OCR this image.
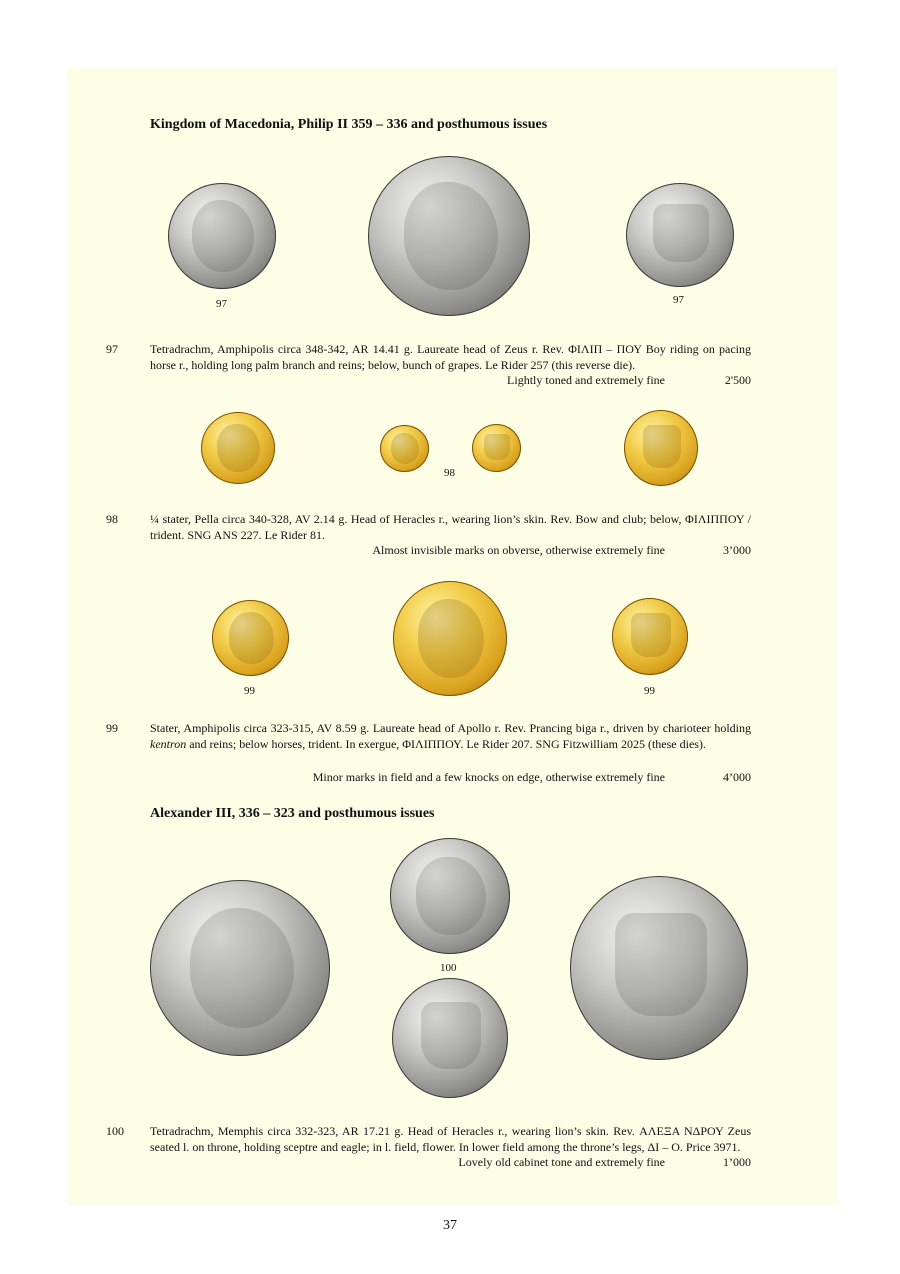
Kingdom of Macedonia, Philip II 359 – 336 and posthumous issues
97	97
97	Tetradrachm, Amphipolis circa 348-342, AR 14.41 g. Laureate head of Zeus r. Rev. ΦΙΛΙΠ – ΠΟΥ Boy riding on pacing horse r., holding long palm branch and reins; below, bunch of grapes. Le Rider 257 (this reverse die).
Lightly toned and extremely fine	2'500
98
98	¼ stater, Pella circa 340-328, AV 2.14 g. Head of Heracles r., wearing lion’s skin. Rev. Bow and club; below, ΦΙΛΙΠΠΟΥ / trident. SNG ANS 227. Le Rider 81.
Almost invisible marks on obverse, otherwise extremely fine	3’000
99	99
99	Stater, Amphipolis circa 323-315, AV 8.59 g. Laureate head of Apollo r. Rev. Prancing biga r., driven by charioteer holding kentron and reins; below horses, trident. In exergue, ΦΙΛΙΠΠΟΥ. Le Rider 207. SNG Fitzwilliam 2025 (these dies).
Minor marks in field and a few knocks on edge, otherwise extremely fine	4’000
Alexander III, 336 – 323 and posthumous issues
100
100 Tetradrachm, Memphis circa 332-323, AR 17.21 g. Head of Heracles r., wearing lion’s skin. Rev. ΑΛΕΞΑ ΝΔΡΟΥ Zeus seated l. on throne, holding sceptre and eagle; in l. field, flower. In lower field among the throne’s legs, ΔΙ – Ο. Price 3971.
Lovely old cabinet tone and extremely fine	1’000
37
